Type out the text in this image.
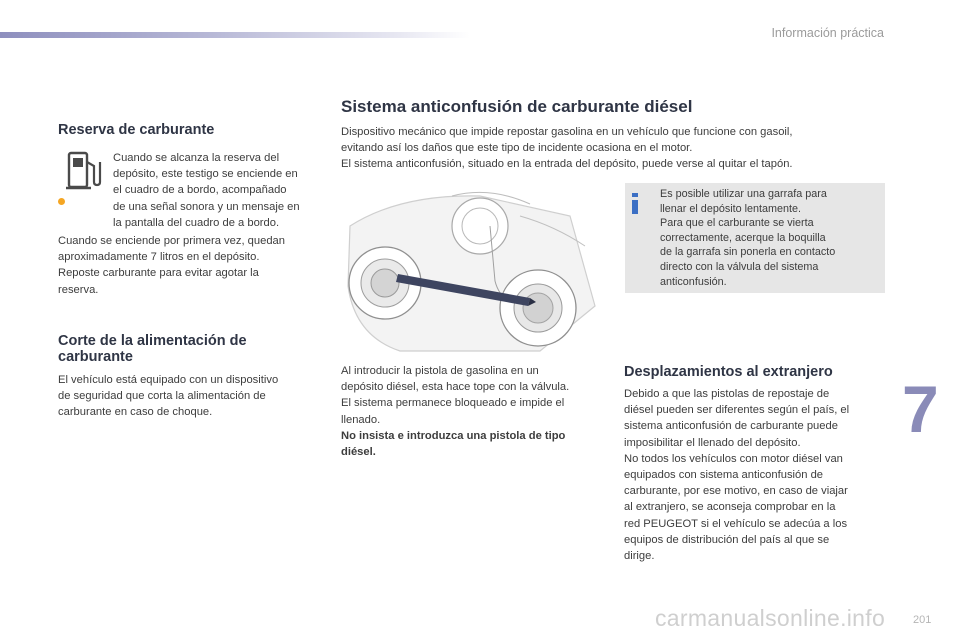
Información práctica
Reserva de carburante

Cuando se alcanza la reserva del
depósito, este testigo se enciende en
el cuadro de a bordo, acompañado
de una señal sonora y un mensaje en
la pantalla del cuadro de a bordo.

Cuando se enciende por primera vez, quedan
aproximadamente 7 litros en el depósito.
Reposte carburante para evitar agotar la
reserva.

Corte de la alimentación de
carburante

El vehículo está equipado con un dispositivo
de seguridad que corta la alimentación de
carburante en caso de choque.

Sistema anticonfusión de carburante diésel

Dispositivo mecánico que impide repostar gasolina en un vehículo que funcione con gasoil,
evitando así los daños que este tipo de incidente ocasiona en el motor.
El sistema anticonfusión, situado en la entrada del depósito, puede verse al quitar el tapón.

Es posible utilizar una garrafa para
llenar el depósito lentamente.
Para que el carburante se vierta
correctamente, acerque la boquilla
de la garrafa sin ponerla en contacto
directo con la válvula del sistema
anticonfusión.

Al introducir la pistola de gasolina en un
depósito diésel, esta hace tope con la válvula.
El sistema permanece bloqueado e impide el
llenado.

No insista e introduzca una pistola de tipo
diésel.

Desplazamientos al extranjero

Debido a que las pistolas de repostaje de
diésel pueden ser diferentes según el país, el
sistema anticonfusión de carburante puede
imposibilitar el llenado del depósito.
No todos los vehículos con motor diésel van
equipados con sistema anticonfusión de
carburante, por ese motivo, en caso de viajar
al extranjero, se aconseja comprobar en la
red PEUGEOT si el vehículo se adecúa a los
equipos de distribución del país al que se
dirige.

7
carmanualsonline.info	201
